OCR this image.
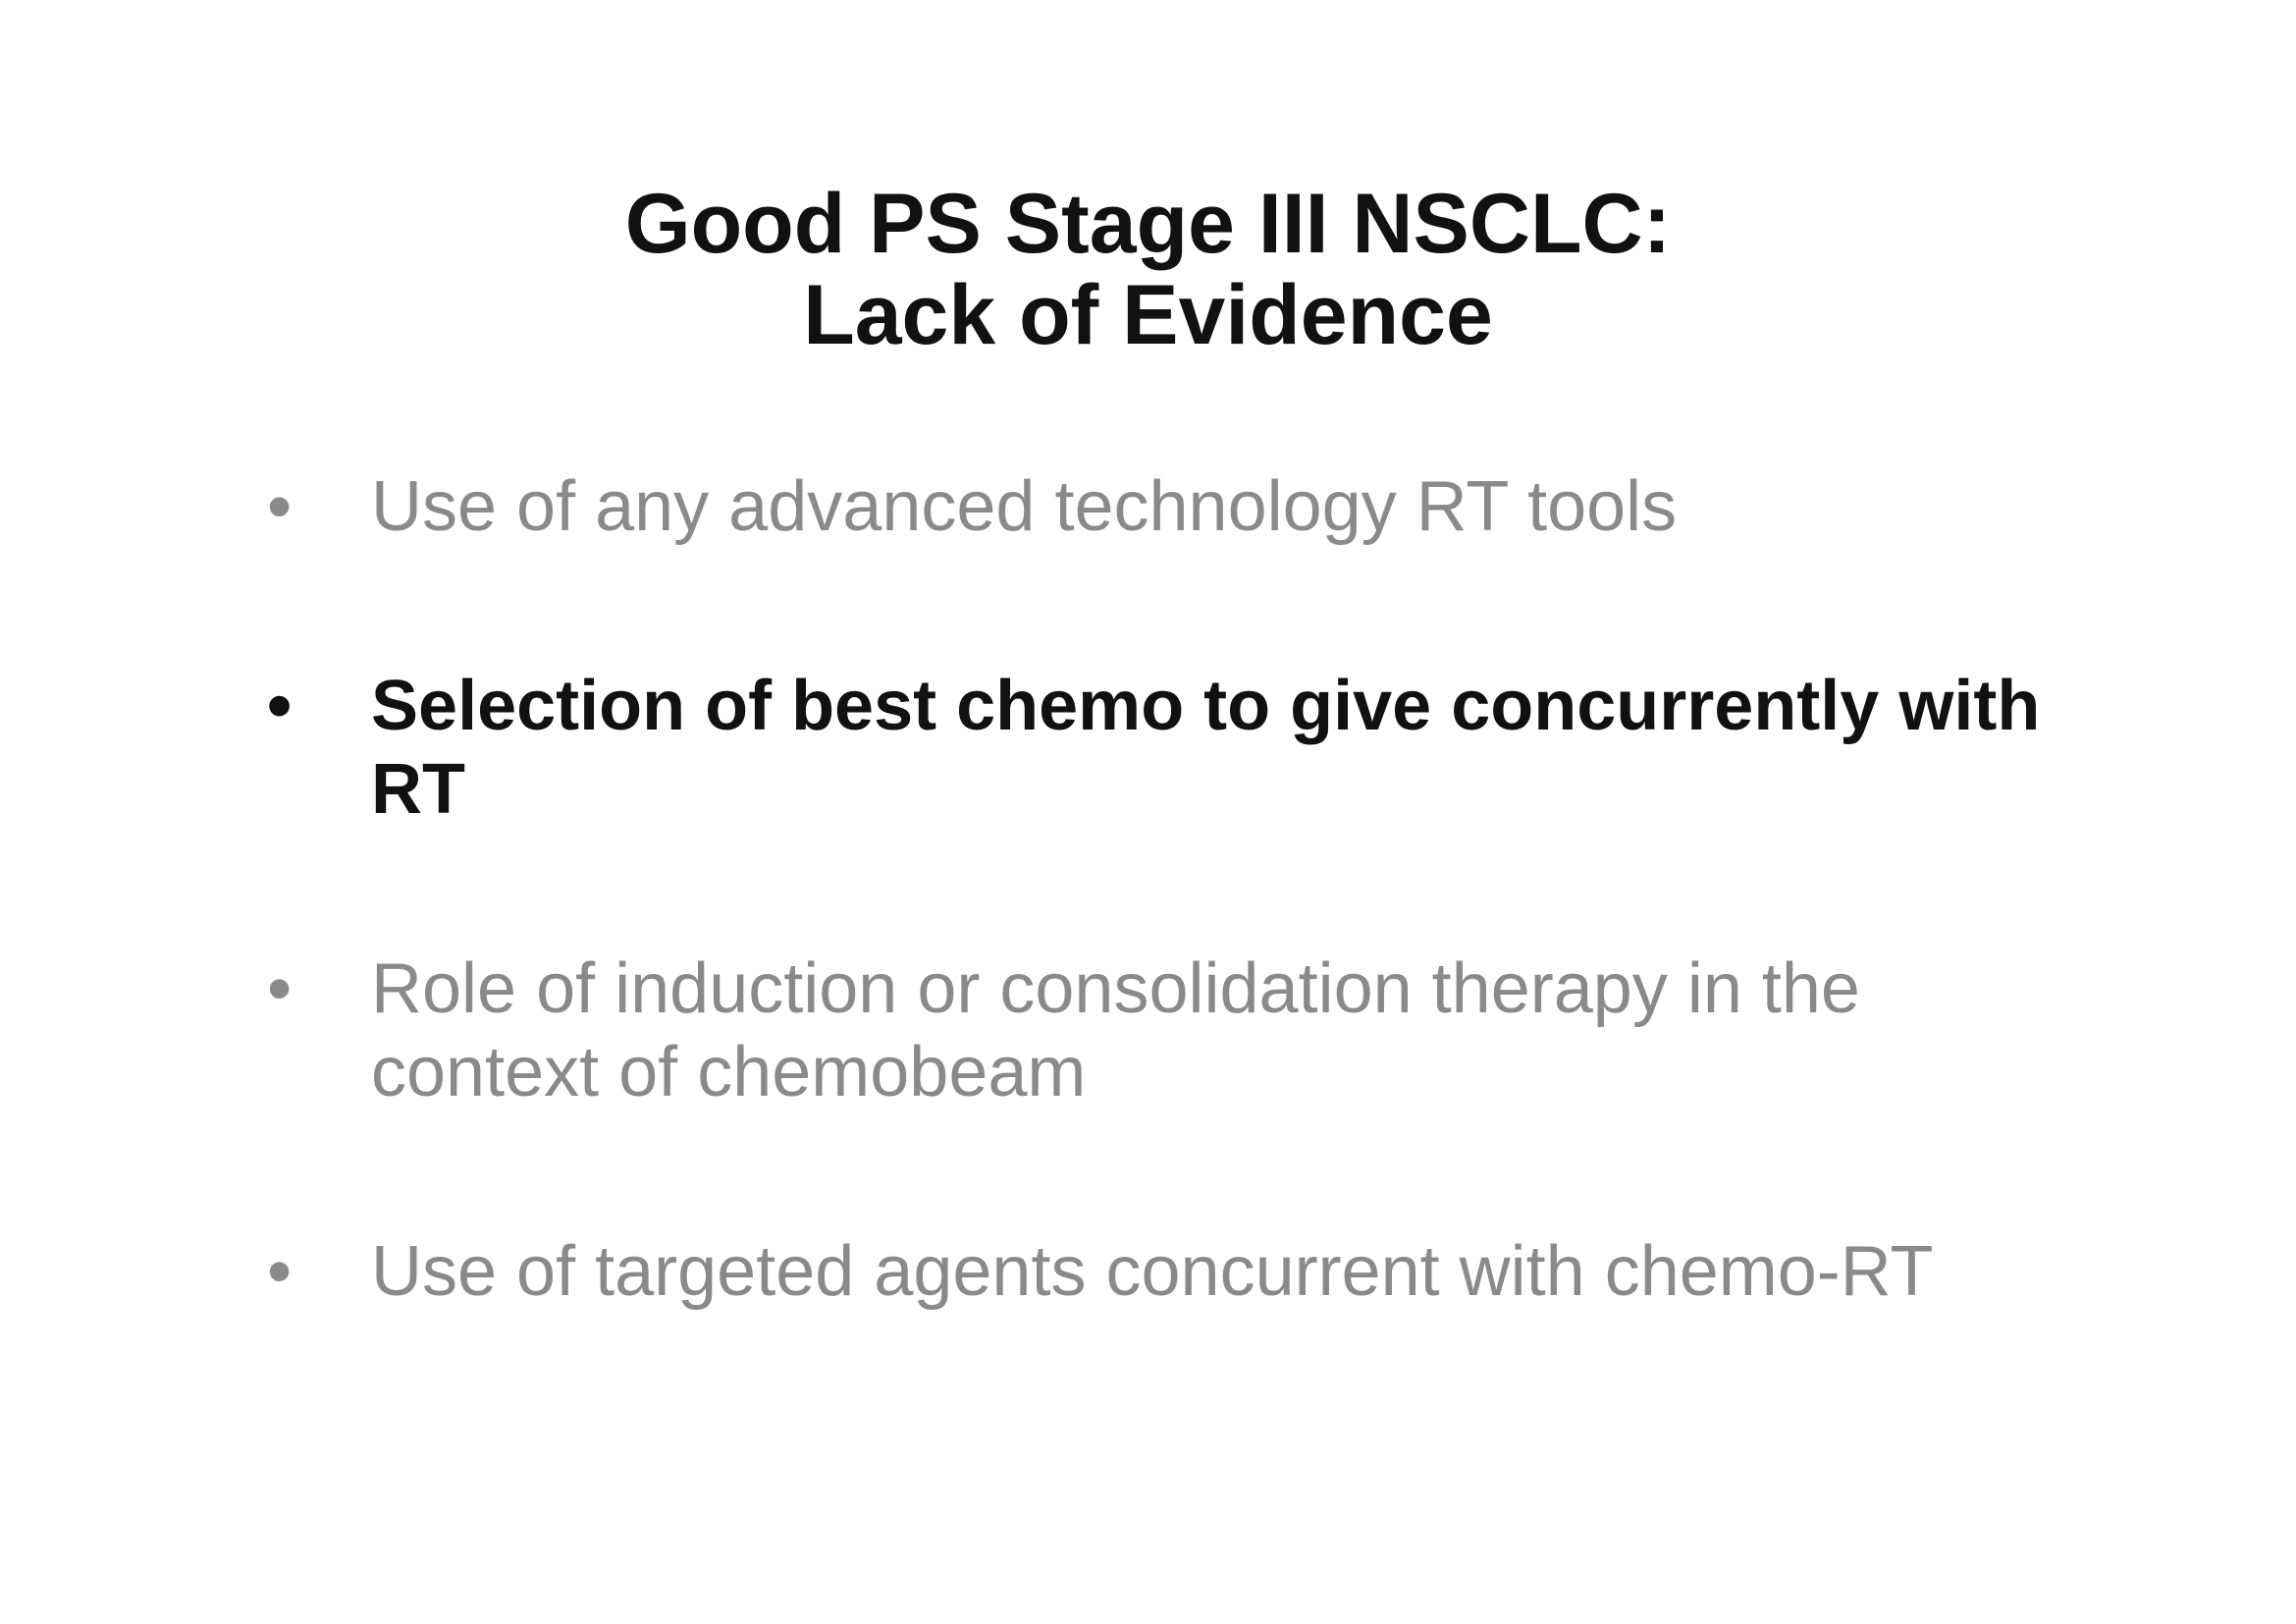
Good PS Stage III NSCLC:
Lack of Evidence
•	Use of any advanced technology RT tools
•	Selection of best chemo to give concurrently with RT
•	Role of induction or consolidation therapy in the context of chemobeam
•	Use of targeted agents concurrent with chemo-RT
